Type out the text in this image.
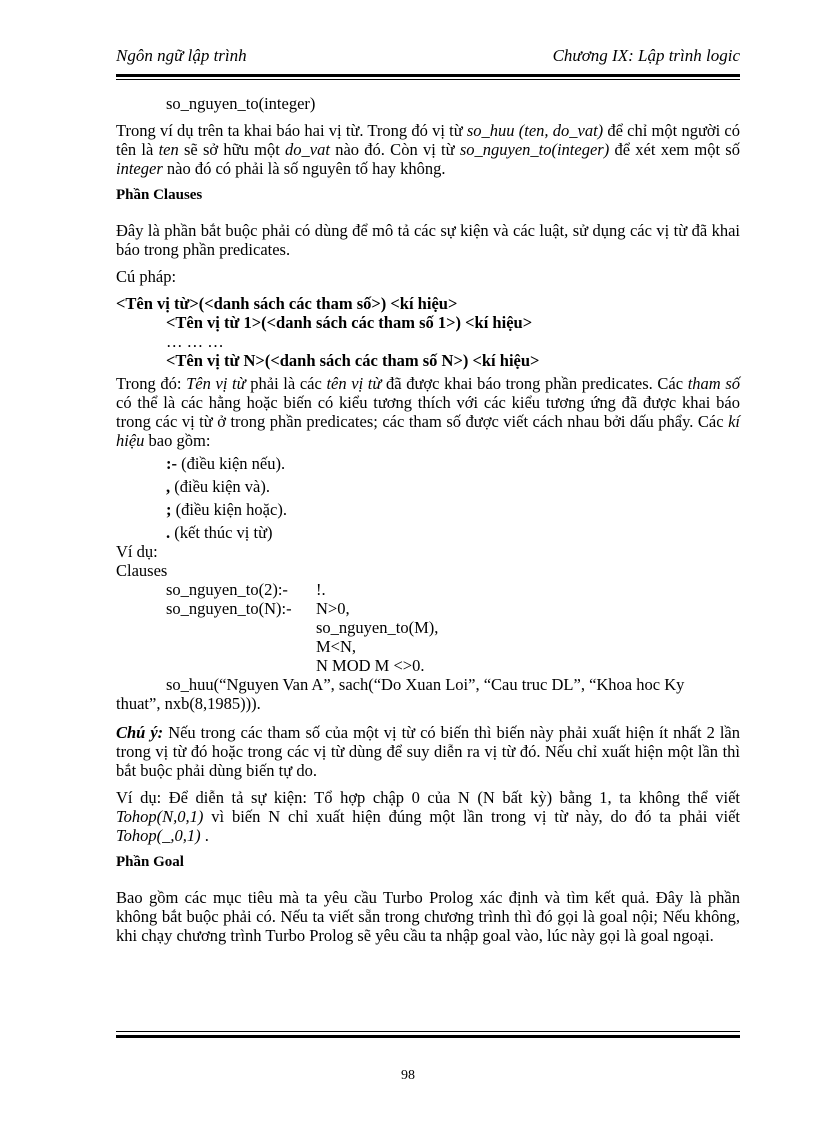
Ngôn ngữ lập trình	Chương IX: Lập trình logic

so_nguyen_to(integer)

Trong ví dụ trên ta khai báo hai vị từ. Trong đó vị từ so_huu (ten, do_vat) để chỉ một người có tên là ten sẽ sở hữu một do_vat nào đó. Còn vị từ so_nguyen_to(integer) để xét xem một số integer nào đó có phải là số nguyên tố hay không.

Phần Clauses

Đây là phần bắt buộc phải có dùng để mô tả các sự kiện và các luật, sử dụng các vị từ đã khai báo trong phần predicates.

Cú pháp:

<Tên vị từ>(<danh sách các tham số>) <kí hiệu>

<Tên vị từ 1>(<danh sách các tham số 1>) <kí hiệu>

… … …

<Tên vị từ N>(<danh sách các tham số N>) <kí hiệu>

Trong đó: Tên vị từ phải là các tên vị từ đã được khai báo trong phần predicates. Các tham số có thể là các hằng hoặc biến có kiểu tương thích với các kiểu tương ứng đã được khai báo trong các vị từ ở trong phần predicates; các tham số được viết cách nhau bởi dấu phẩy. Các kí hiệu bao gồm:

:- (điều kiện nếu).

, (điều kiện và).

; (điều kiện hoặc).

. (kết thúc vị từ)

Ví dụ:

Clauses

so_nguyen_to(2):-	!.
so_nguyen_to(N):-	N>0,

so_nguyen_to(M),

M<N,

N MOD M <>0.

so_huu(“Nguyen Van A”, sach(“Do Xuan Loi”, “Cau truc DL”, “Khoa hoc Ky

thuat”, nxb(8,1985))).

Chú ý: Nếu trong các tham số của một vị từ có biến thì biến này phải xuất hiện ít nhất 2 lần trong vị từ đó hoặc trong các vị từ dùng để suy diễn ra vị từ đó. Nếu chỉ xuất hiện một lần thì bắt buộc phải dùng biến tự do.

Ví dụ: Để diễn tả sự kiện: Tổ hợp chập 0 của N (N bất kỳ) bằng 1, ta không thể viết Tohop(N,0,1) vì biến N chỉ xuất hiện đúng một lần trong vị từ này, do đó ta phải viết Tohop(_,0,1) .

Phần Goal

Bao gồm các mục tiêu mà ta yêu cầu Turbo Prolog xác định và tìm kết quả. Đây là phần không bắt buộc phải có. Nếu ta viết sẵn trong chương trình thì đó gọi là goal nội; Nếu không, khi chạy chương trình Turbo Prolog sẽ yêu cầu ta nhập goal vào, lúc này gọi là goal ngoại.

98
